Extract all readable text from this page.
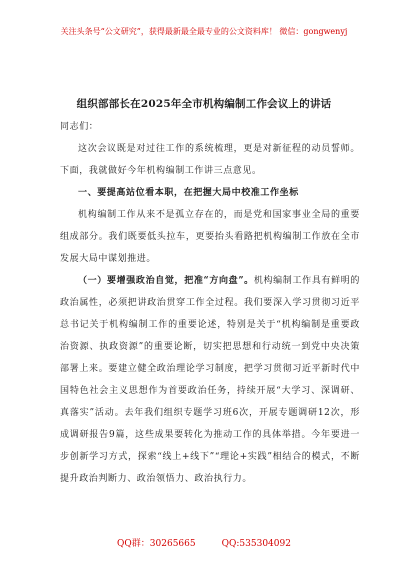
关注头条号“公文研究”，获得最新最全最专业的公文资料库！ 微信：gongwenyj
组织部部长在2025年全市机构编制工作会议上的讲话

同志们：

这次会议既是对过往工作的系统梳理，更是对新征程的动员誓师。下面，我就做好今年机构编制工作讲三点意见。

一、要提高站位看本职，在把握大局中校准工作坐标

机构编制工作从来不是孤立存在的，而是党和国家事业全局的重要组成部分。我们既要低头拉车，更要抬头看路把机构编制工作放在全市发展大局中谋划推进。

（一）要增强政治自觉，把准“方向盘”。机构编制工作具有鲜明的政治属性，必须把讲政治贯穿工作全过程。我们要深入学习贯彻习近平总书记关于机构编制工作的重要论述，特别是关于“机构编制是重要政治资源、执政资源”的重要论断，切实把思想和行动统一到党中央决策部署上来。要建立健全政治理论学习制度，把学习贯彻习近平新时代中国特色社会主义思想作为首要政治任务，持续开展“大学习、深调研、真落实”活动。去年我们组织专题学习班6次，开展专题调研12次，形成调研报告9篇，这些成果要转化为推动工作的具体举措。今年要进一步创新学习方式，探索“线上+线下”“理论+实践”相结合的模式，不断提升政治判断力、政治领悟力、政治执行力。

QQ群：30265665	QQ:535304092
